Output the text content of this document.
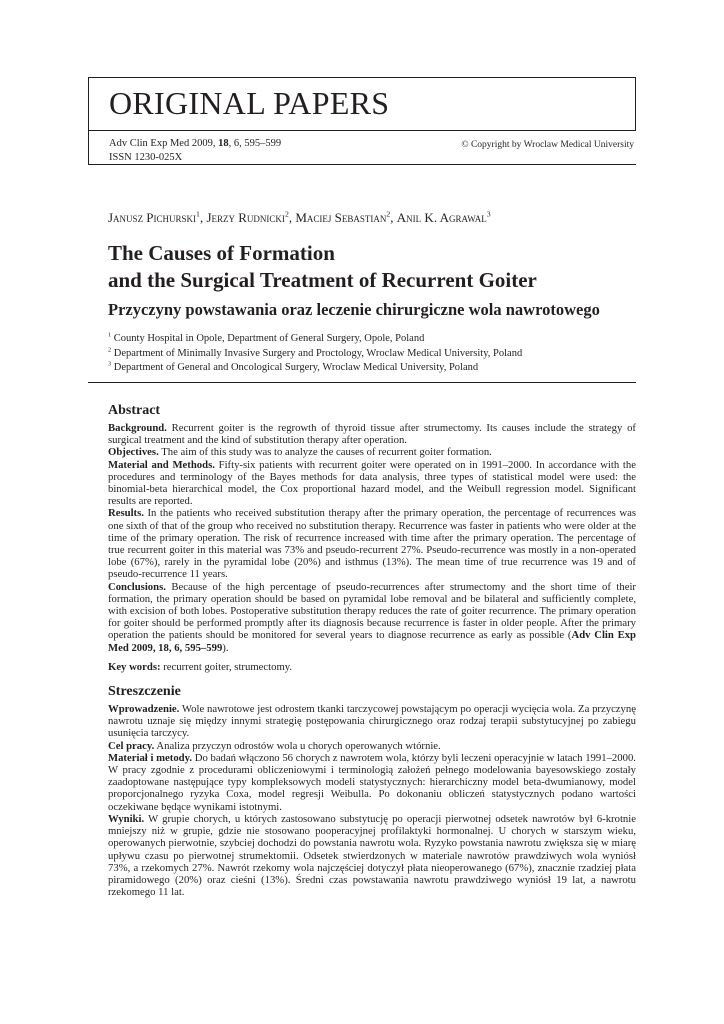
ORIGINAL PAPERS
Adv Clin Exp Med 2009, 18, 6, 595–599
ISSN 1230-025X
© Copyright by Wroclaw Medical University
Janusz Pichurski$^1$, Jerzy Rudnicki$^2$, Maciej Sebastian$^2$, Anil K. Agrawal$^3$
The Causes of Formation
and the Surgical Treatment of Recurrent Goiter
Przyczyny powstawania oraz leczenie chirurgiczne wola nawrotowego
$^1$ County Hospital in Opole, Department of General Surgery, Opole, Poland
$^2$ Department of Minimally Invasive Surgery and Proctology, Wroclaw Medical University, Poland
$^3$ Department of General and Oncological Surgery, Wroclaw Medical University, Poland
Abstract

Background. Recurrent goiter is the regrowth of thyroid tissue after strumectomy. Its causes include the strategy of surgical treatment and the kind of substitution therapy after operation.

Objectives. The aim of this study was to analyze the causes of recurrent goiter formation.

Material and Methods. Fifty-six patients with recurrent goiter were operated on in 1991–2000. In accordance with the procedures and terminology of the Bayes methods for data analysis, three types of statistical model were used: the binomial-beta hierarchical model, the Cox proportional hazard model, and the Weibull regression model. Significant results are reported.

Results. In the patients who received substitution therapy after the primary operation, the percentage of recurrences was one sixth of that of the group who received no substitution therapy. Recurrence was faster in patients who were older at the time of the primary operation. The risk of recurrence increased with time after the primary operation. The percentage of true recurrent goiter in this material was 73% and pseudo-recurrent 27%. Pseudo-recurrence was mostly in a non-operated lobe (67%), rarely in the pyramidal lobe (20%) and isthmus (13%). The mean time of true recurrence was 19 and of pseudo-recurrence 11 years.

Conclusions. Because of the high percentage of pseudo-recurrences after strumectomy and the short time of their formation, the primary operation should be based on pyramidal lobe removal and be bilateral and sufficiently complete, with excision of both lobes. Postoperative substitution therapy reduces the rate of goiter recurrence. The primary operation for goiter should be performed promptly after its diagnosis because recurrence is faster in older people. After the primary operation the patients should be monitored for several years to diagnose recurrence as early as possible (Adv Clin Exp Med 2009, 18, 6, 595–599).

Key words: recurrent goiter, strumectomy.

Streszczenie

Wprowadzenie. Wole nawrotowe jest odrostem tkanki tarczycowej powstającym po operacji wycięcia wola. Za przyczynę nawrotu uznaje się między innymi strategię postępowania chirurgicznego oraz rodzaj terapii substytucyjnej po zabiegu usunięcia tarczycy.

Cel pracy. Analiza przyczyn odrostów wola u chorych operowanych wtórnie.

Materiał i metody. Do badań włączono 56 chorych z nawrotem wola, którzy byli leczeni operacyjnie w latach 1991–2000. W pracy zgodnie z procedurami obliczeniowymi i terminologią założeń pełnego modelowania bayesowskiego zostały zaadoptowane następujące typy kompleksowych modeli statystycznych: hierarchiczny model beta-dwumianowy, model proporcjonalnego ryzyka Coxa, model regresji Weibulla. Po dokonaniu obliczeń statystycznych podano wartości oczekiwane będące wynikami istotnymi.

Wyniki. W grupie chorych, u których zastosowano substytucję po operacji pierwotnej odsetek nawrotów był 6-krotnie mniejszy niż w grupie, gdzie nie stosowano pooperacyjnej profilaktyki hormonalnej. U chorych w starszym wieku, operowanych pierwotnie, szybciej dochodzi do powstania nawrotu wola. Ryzyko powstania nawrotu zwiększa się w miarę upływu czasu po pierwotnej strumektomii. Odsetek stwierdzonych w materiale nawrotów prawdziwych wola wyniósł 73%, a rzekomych 27%. Nawrót rzekomy wola najczęściej dotyczył płata nieoperowanego (67%), znacznie rzadziej płata piramidowego (20%) oraz cieśni (13%). Średni czas powstawania nawrotu prawdziwego wyniósł 19 lat, a nawrotu rzekomego 11 lat.
